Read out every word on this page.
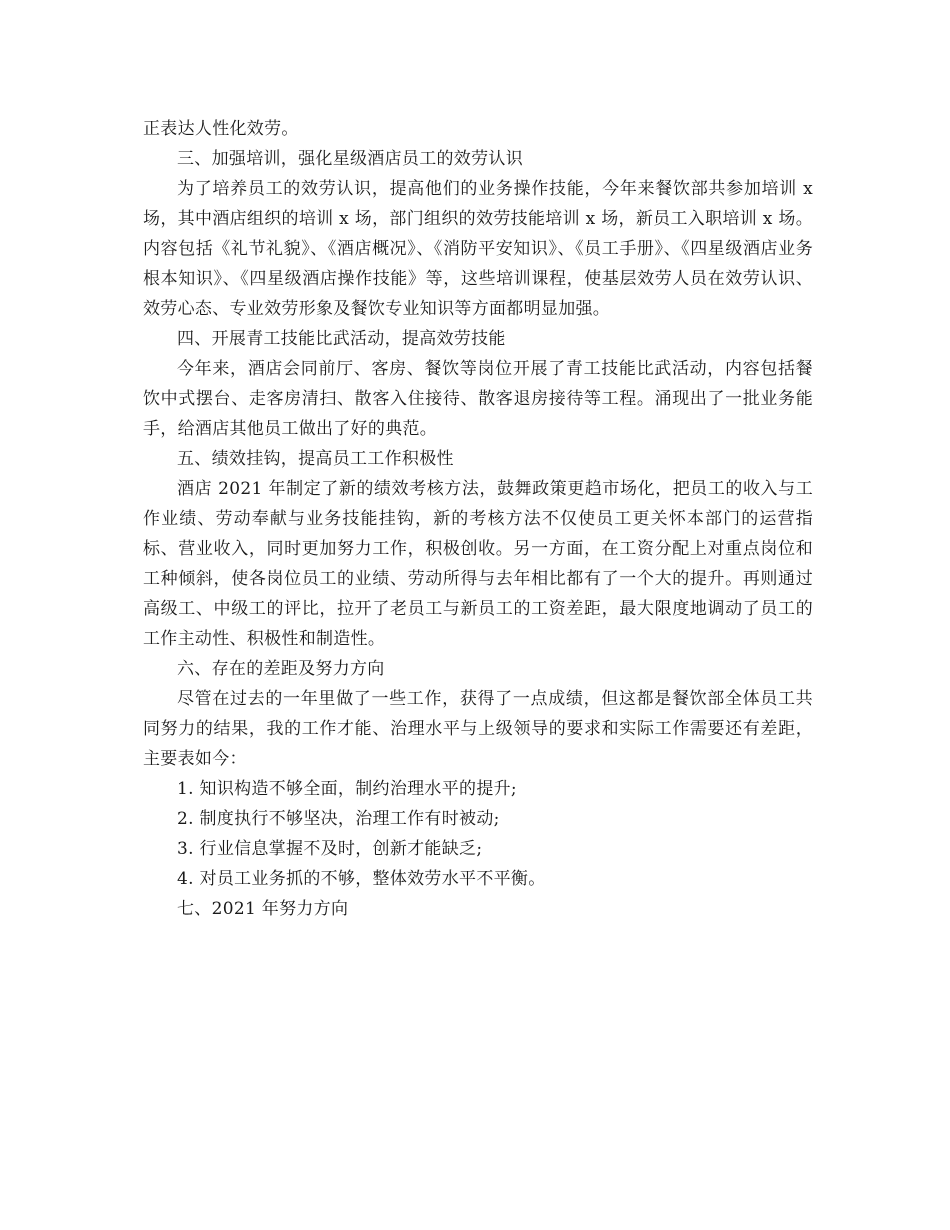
正表达人性化效劳。

三、加强培训，强化星级酒店员工的效劳认识

为了培养员工的效劳认识，提高他们的业务操作技能，今年来餐饮部共参加培训 x 场，其中酒店组织的培训 x 场，部门组织的效劳技能培训 x 场，新员工入职培训 x 场。内容包括《礼节礼貌》、《酒店概况》、《消防平安知识》、《员工手册》、《四星级酒店业务根本知识》、《四星级酒店操作技能》等，这些培训课程，使基层效劳人员在效劳认识、效劳心态、专业效劳形象及餐饮专业知识等方面都明显加强。

四、开展青工技能比武活动，提高效劳技能

今年来，酒店会同前厅、客房、餐饮等岗位开展了青工技能比武活动，内容包括餐饮中式摆台、走客房清扫、散客入住接待、散客退房接待等工程。涌现出了一批业务能手，给酒店其他员工做出了好的典范。

五、绩效挂钩，提高员工工作积极性

酒店 2021 年制定了新的绩效考核方法，鼓舞政策更趋市场化，把员工的收入与工作业绩、劳动奉献与业务技能挂钩，新的考核方法不仅使员工更关怀本部门的运营指标、营业收入，同时更加努力工作，积极创收。另一方面，在工资分配上对重点岗位和工种倾斜，使各岗位员工的业绩、劳动所得与去年相比都有了一个大的提升。再则通过高级工、中级工的评比，拉开了老员工与新员工的工资差距，最大限度地调动了员工的工作主动性、积极性和制造性。

六、存在的差距及努力方向

尽管在过去的一年里做了一些工作，获得了一点成绩，但这都是餐饮部全体员工共同努力的结果，我的工作才能、治理水平与上级领导的要求和实际工作需要还有差距，主要表如今：

1. 知识构造不够全面，制约治理水平的提升;

2. 制度执行不够坚决，治理工作有时被动;

3. 行业信息掌握不及时，创新才能缺乏;

4. 对员工业务抓的不够，整体效劳水平不平衡。

七、2021 年努力方向
